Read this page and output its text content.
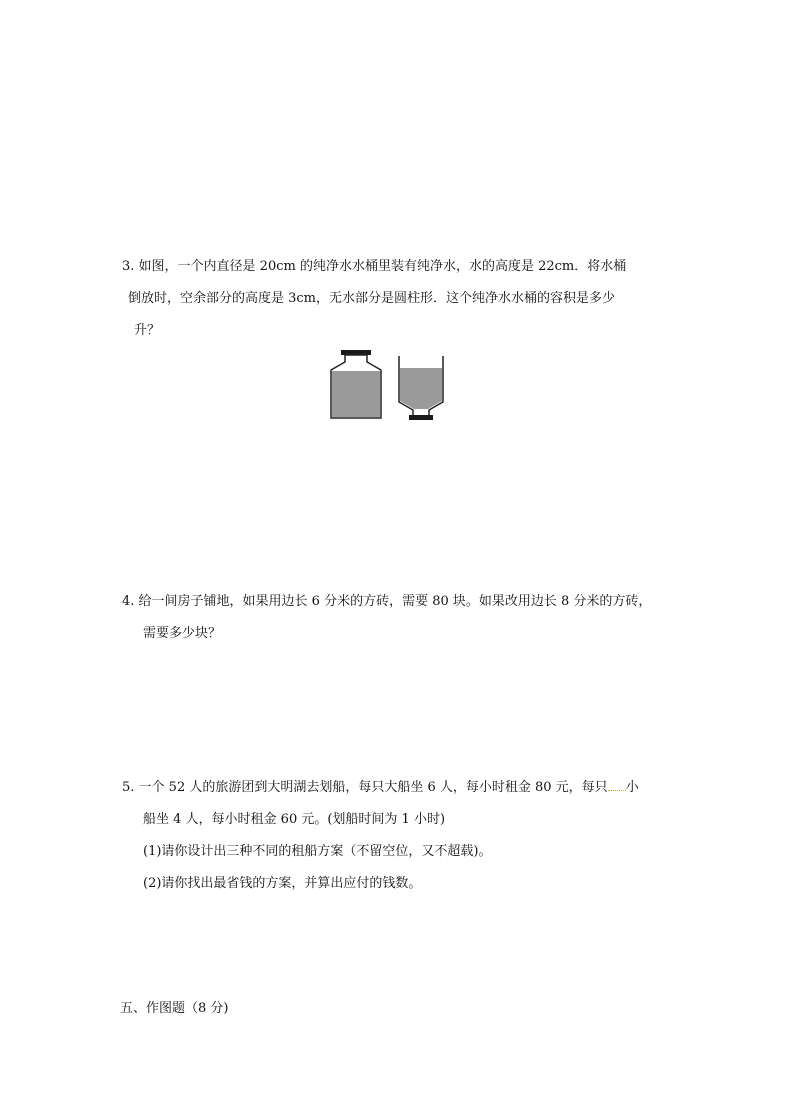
3. 如图，一个内直径是 20cm 的纯净水水桶里装有纯净水，水的高度是 22cm．将水桶
倒放时，空余部分的高度是 3cm，无水部分是圆柱形．这个纯净水水桶的容积是多少
升？
4. 给一间房子铺地，如果用边长 6 分米的方砖，需要 80 块。如果改用边长 8 分米的方砖，
需要多少块？
5. 一个 52 人的旅游团到大明湖去划船，每只大船坐 6 人，每小时租金 80 元，每只 小
船坐 4 人，每小时租金 60 元。(划船时间为 1 小时)
(1)请你设计出三种不同的租船方案（不留空位，又不超载)。
(2)请你找出最省钱的方案，并算出应付的钱数。
五、作图题（8 分)
